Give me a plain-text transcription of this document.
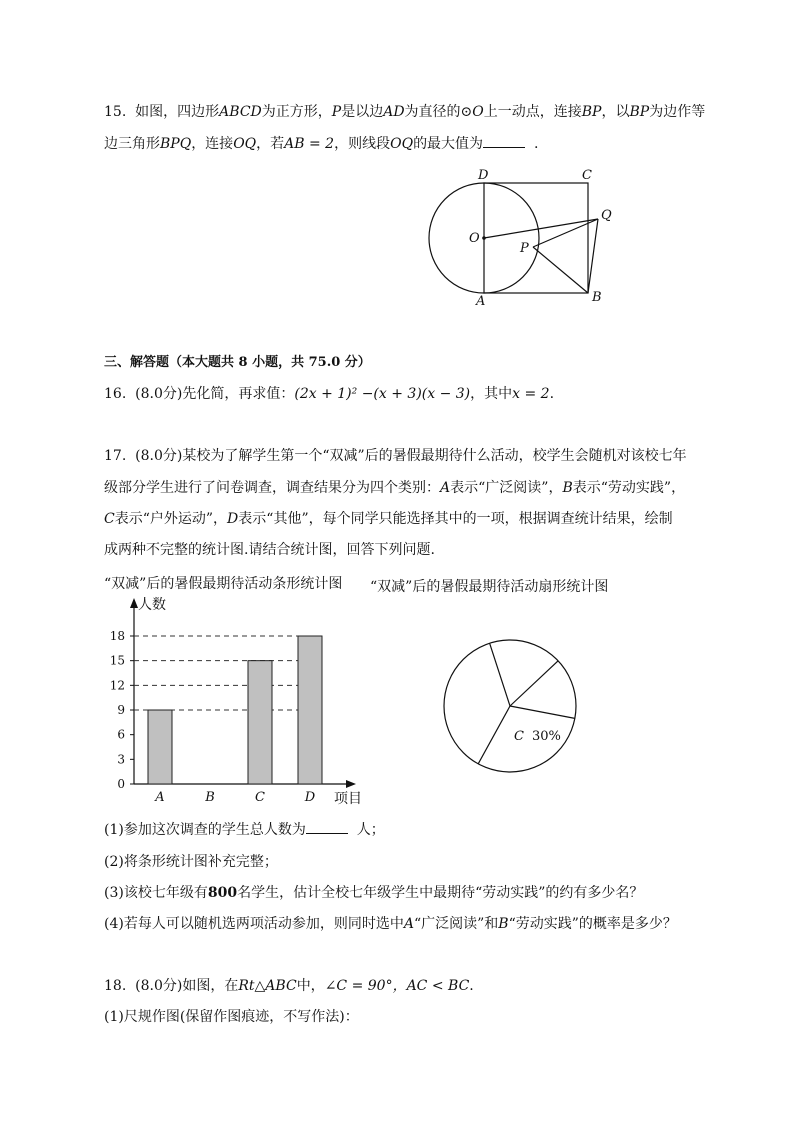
15. 如图，四边形ABCD为正方形，P是以边AD为直径的⊙O上一动点，连接BP，以BP为边作等
边三角形BPQ，连接OQ，若AB = 2，则线段OQ的最大值为	.
D	C
Q
O
P
A	B
三、解答题（本大题共 8 小题，共 75.0 分）
16. (8.0分)先化简，再求值：(2x + 1)² −(x + 3)(x − 3)，其中x = 2.
17. (8.0分)某校为了解学生第一个“双减”后的暑假最期待什么活动，校学生会随机对该校七年
级部分学生进行了问卷调查，调查结果分为四个类别：A表示“广泛阅读”，B表示“劳动实践”，
C表示“户外运动”，D表示“其他”，每个同学只能选择其中的一项，根据调查统计结果，绘制
成两种不完整的统计图.请结合统计图，回答下列问题.
“双减”后的暑假最期待活动条形统计图 “双减”后的暑假最期待活动扇形统计图
人数
项目
0
3
6
9
12
15
18
A	B	C	D
C 30%
(1)参加这次调查的学生总人数为	人；
(2)将条形统计图补充完整；
(3)该校七年级有800名学生，估计全校七年级学生中最期待“劳动实践”的约有多少名？
(4)若每人可以随机选两项活动参加，则同时选中A“广泛阅读”和B“劳动实践”的概率是多少？
18. (8.0分)如图，在Rt△ABC中，∠C = 90°，AC < BC.
(1)尺规作图(保留作图痕迹，不写作法)：
